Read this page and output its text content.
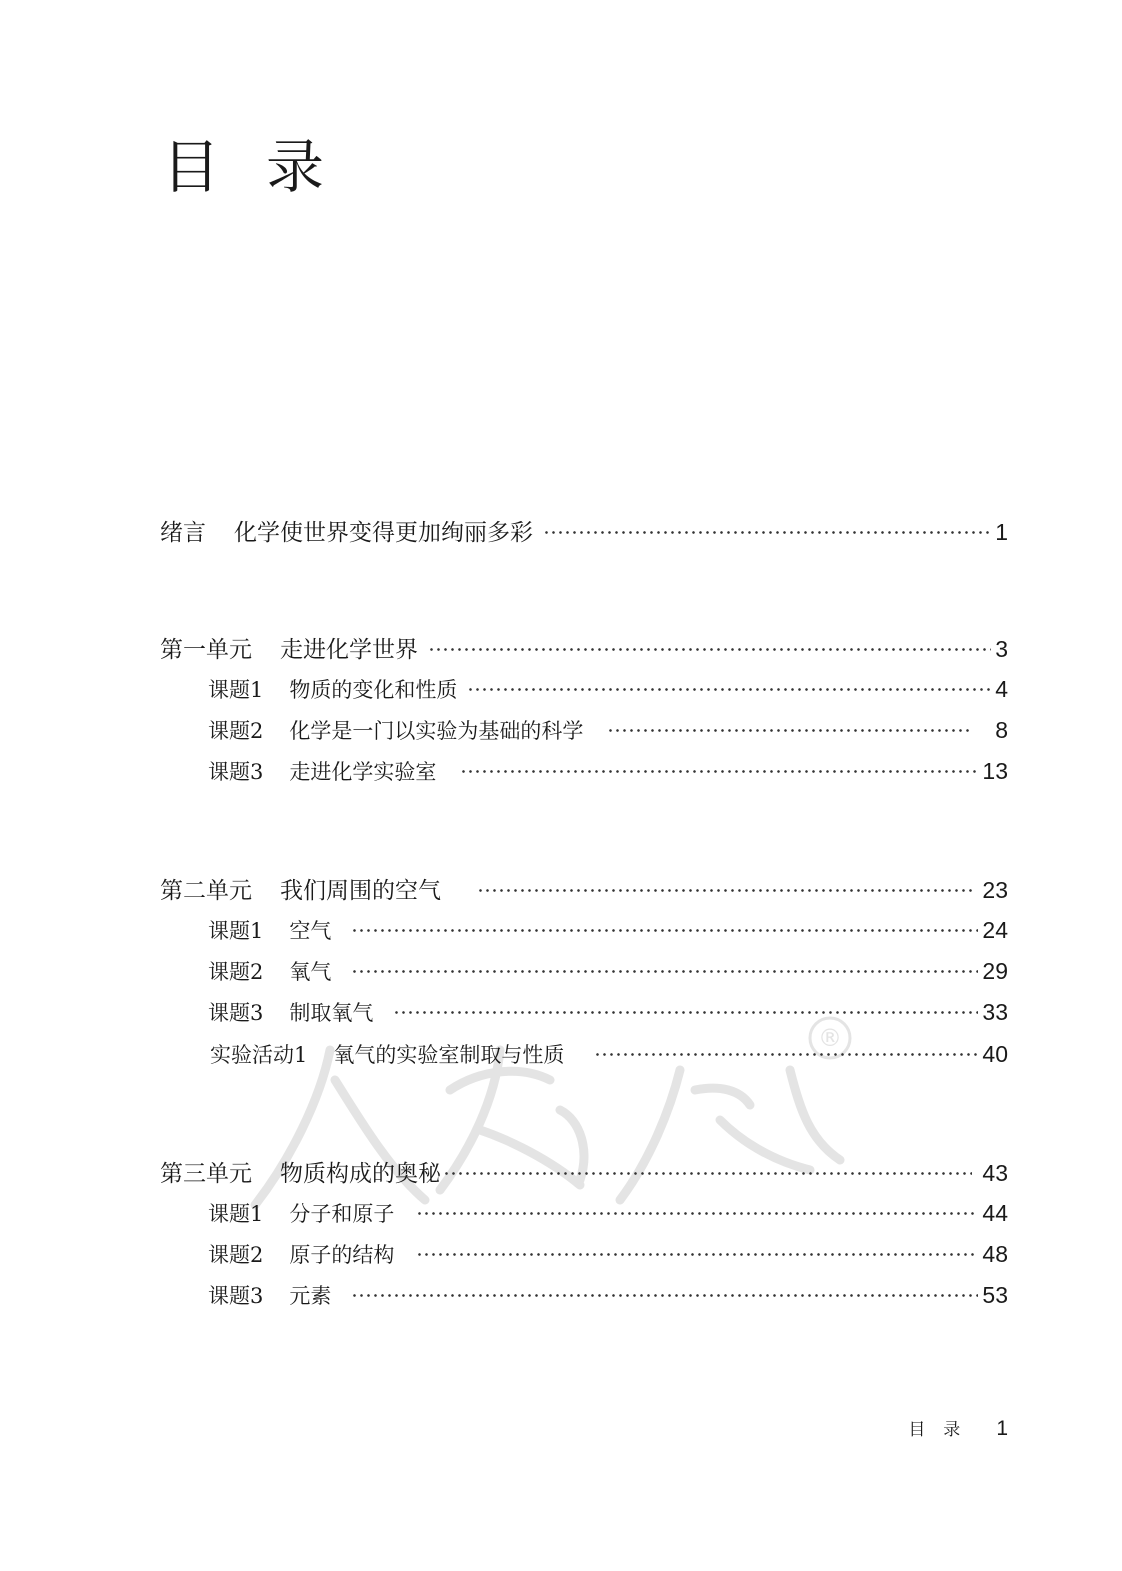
目录
®
绪言 化学使世界变得更加绚丽多彩	1
第一单元 走进化学世界	3
课题1 物质的变化和性质	4
课题2 化学是一门以实验为基础的科学	8
课题3 走进化学实验室	13
第二单元 我们周围的空气	23
课题1 空气	24
课题2 氧气	29
课题3 制取氧气	33
实验活动1 氧气的实验室制取与性质	40
第三单元 物质构成的奥秘	43
课题1 分子和原子	44
课题2 原子的结构	48
课题3 元素	53
目录 1
